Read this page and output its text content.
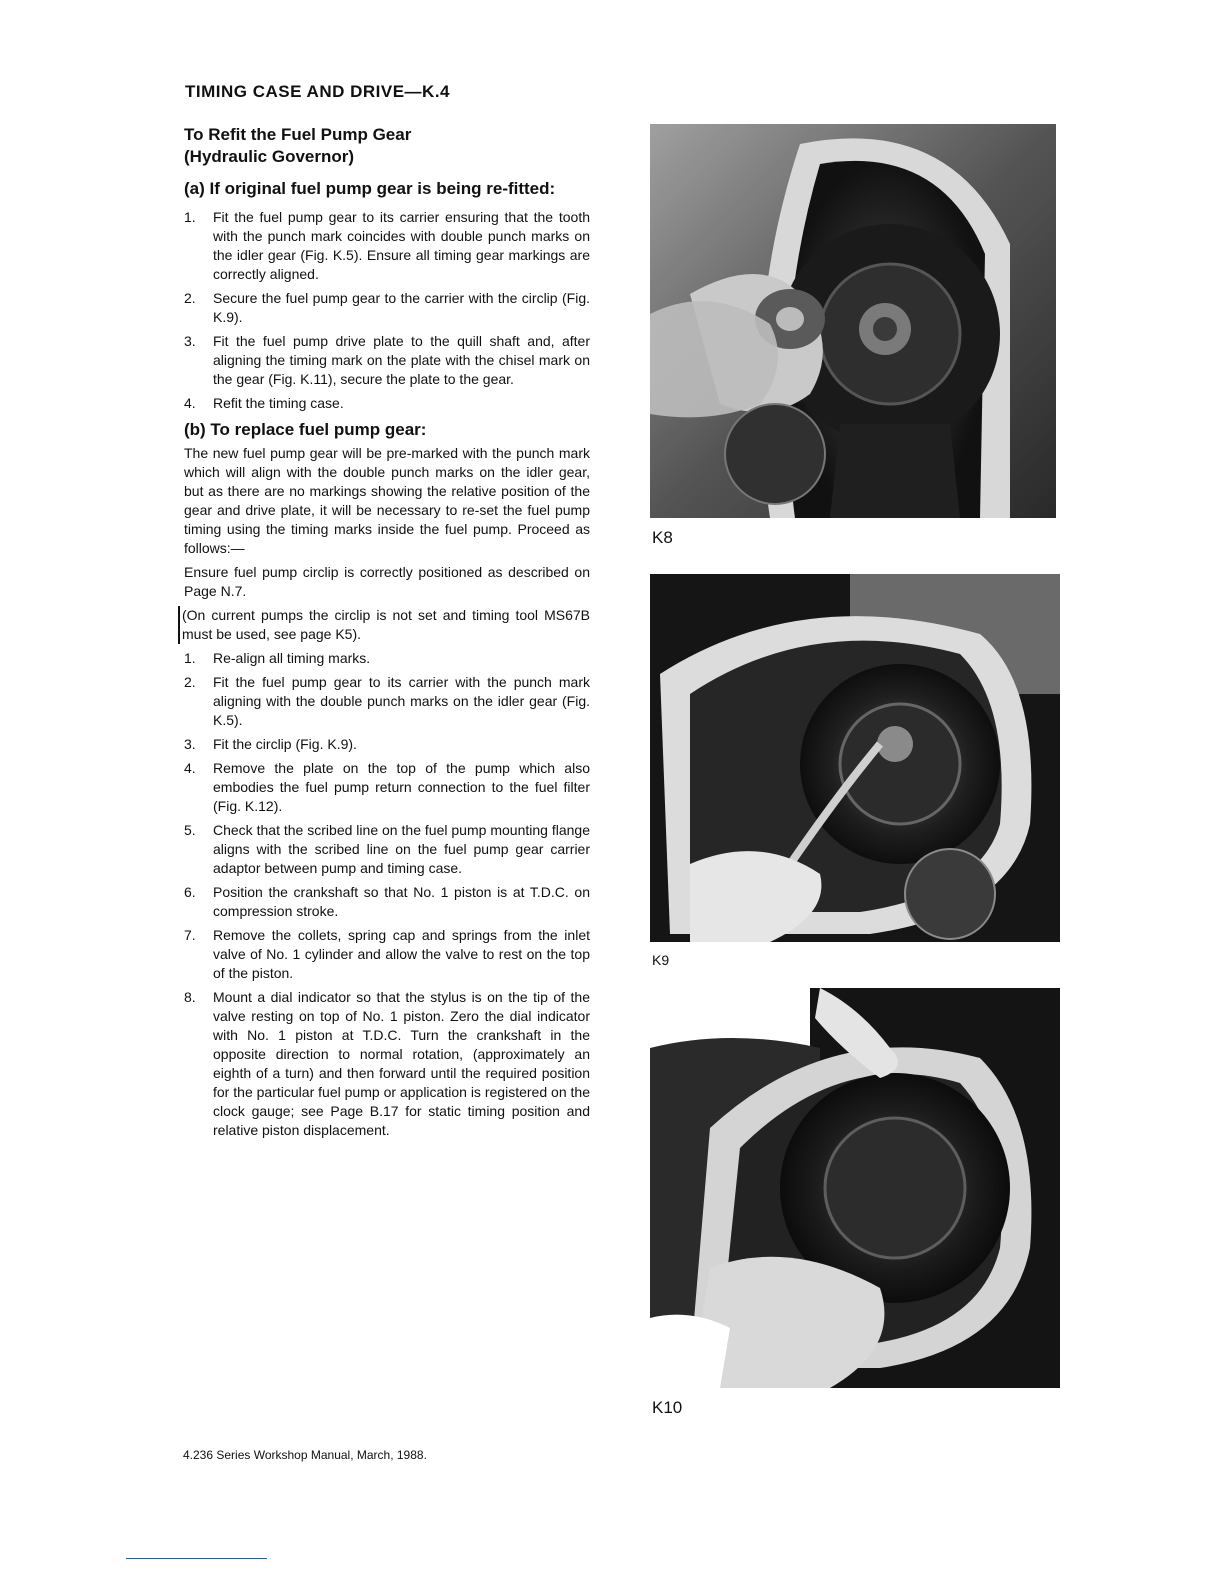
TIMING CASE AND DRIVE—K.4
To Refit the Fuel Pump Gear
(Hydraulic Governor)
(a) If original fuel pump gear is being re-fitted:
1.	Fit the fuel pump gear to its carrier ensuring that the tooth with the punch mark coincides with double punch marks on the idler gear (Fig. K.5). Ensure all timing gear markings are correctly aligned.
2.	Secure the fuel pump gear to the carrier with the circlip (Fig. K.9).
3.	Fit the fuel pump drive plate to the quill shaft and, after aligning the timing mark on the plate with the chisel mark on the gear (Fig. K.11), secure the plate to the gear.
4.	Refit the timing case.
(b) To replace fuel pump gear:

The new fuel pump gear will be pre-marked with the punch mark which will align with the double punch marks on the idler gear, but as there are no markings showing the relative position of the gear and drive plate, it will be necessary to re-set the fuel pump timing using the timing marks inside the fuel pump. Proceed as follows:—

Ensure fuel pump circlip is correctly positioned as described on Page N.7.

(On current pumps the circlip is not set and timing tool MS67B must be used, see page K5).

1.	Re-align all timing marks.
2.	Fit the fuel pump gear to its carrier with the punch mark aligning with the double punch marks on the idler gear (Fig. K.5).
3.	Fit the circlip (Fig. K.9).
4.	Remove the plate on the top of the pump which also embodies the fuel pump return connection to the fuel filter (Fig. K.12).
5.	Check that the scribed line on the fuel pump mounting flange aligns with the scribed line on the fuel pump gear carrier adaptor between pump and timing case.
6.	Position the crankshaft so that No. 1 piston is at T.D.C. on compression stroke.
7.	Remove the collets, spring cap and springs from the inlet valve of No. 1 cylinder and allow the valve to rest on the top of the piston.
8.	Mount a dial indicator so that the stylus is on the tip of the valve resting on top of No. 1 piston. Zero the dial indicator with No. 1 piston at T.D.C. Turn the crankshaft in the opposite direction to normal rotation, (approximately an eighth of a turn) and then forward until the required position for the particular fuel pump or application is registered on the clock gauge; see Page B.17 for static timing position and relative piston displacement.
K8
K9
K10
4.236 Series Workshop Manual, March, 1988.
